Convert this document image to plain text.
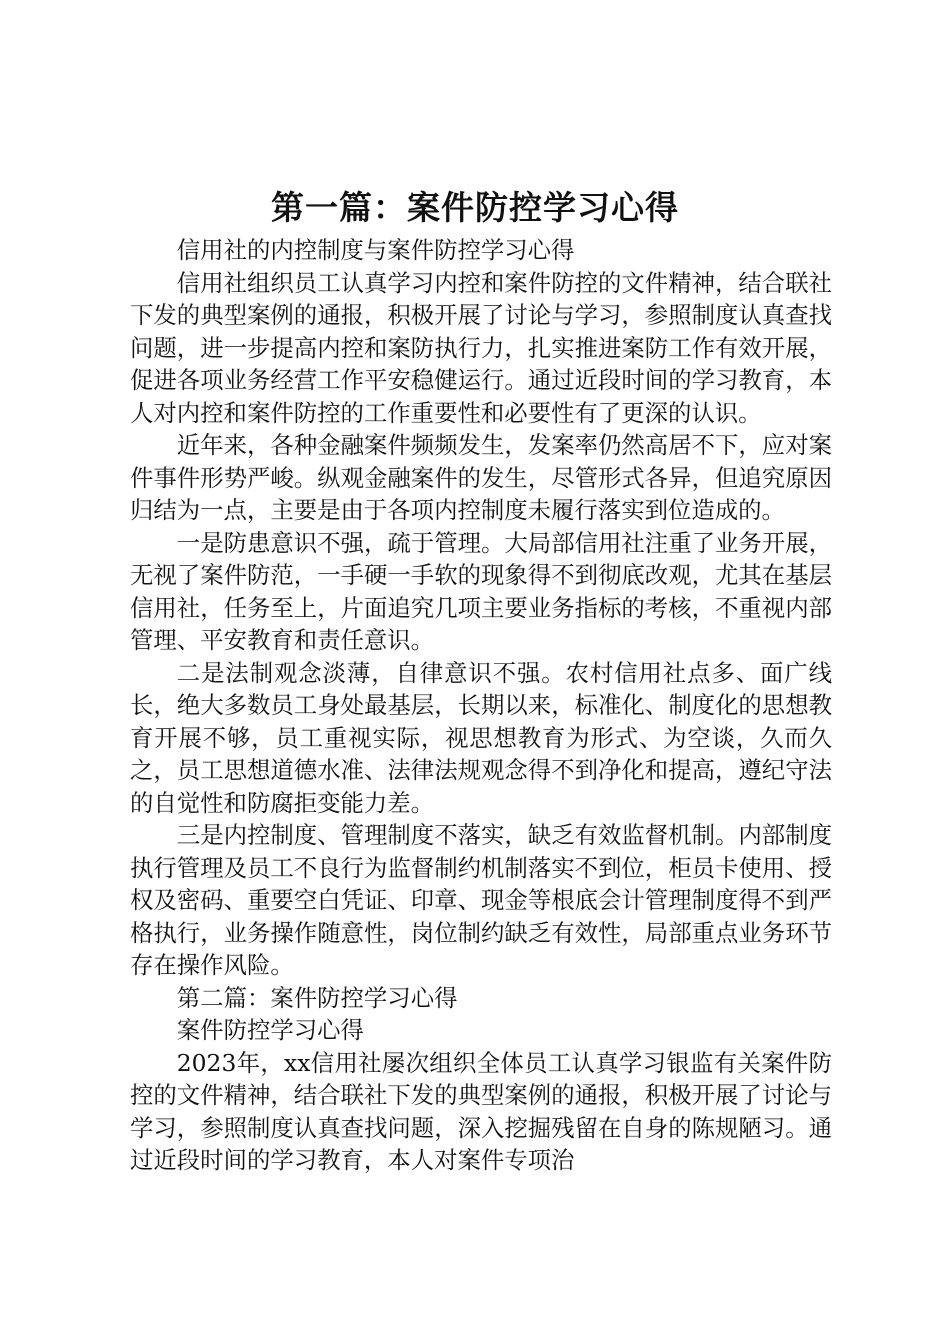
第一篇：案件防控学习心得

信用社的内控制度与案件防控学习心得

信用社组织员工认真学习内控和案件防控的文件精神，结合联社下发的典型案例的通报，积极开展了讨论与学习，参照制度认真查找问题，进一步提高内控和案防执行力，扎实推进案防工作有效开展，促进各项业务经营工作平安稳健运行。通过近段时间的学习教育，本人对内控和案件防控的工作重要性和必要性有了更深的认识。

近年来，各种金融案件频频发生，发案率仍然高居不下，应对案件事件形势严峻。纵观金融案件的发生，尽管形式各异，但追究原因归结为一点，主要是由于各项内控制度未履行落实到位造成的。

一是防患意识不强，疏于管理。大局部信用社注重了业务开展，无视了案件防范，一手硬一手软的现象得不到彻底改观，尤其在基层信用社，任务至上，片面追究几项主要业务指标的考核，不重视内部管理、平安教育和责任意识。

二是法制观念淡薄，自律意识不强。农村信用社点多、面广线长，绝大多数员工身处最基层，长期以来，标准化、制度化的思想教育开展不够，员工重视实际，视思想教育为形式、为空谈，久而久之，员工思想道德水准、法律法规观念得不到净化和提高，遵纪守法的自觉性和防腐拒变能力差。

三是内控制度、管理制度不落实，缺乏有效监督机制。内部制度执行管理及员工不良行为监督制约机制落实不到位，柜员卡使用、授权及密码、重要空白凭证、印章、现金等根底会计管理制度得不到严格执行，业务操作随意性，岗位制约缺乏有效性，局部重点业务环节存在操作风险。

第二篇：案件防控学习心得

案件防控学习心得

2023年，xx信用社屡次组织全体员工认真学习银监有关案件防控的文件精神，结合联社下发的典型案例的通报，积极开展了讨论与学习，参照制度认真查找问题，深入挖掘残留在自身的陈规陋习。通过近段时间的学习教育，本人对案件专项治
